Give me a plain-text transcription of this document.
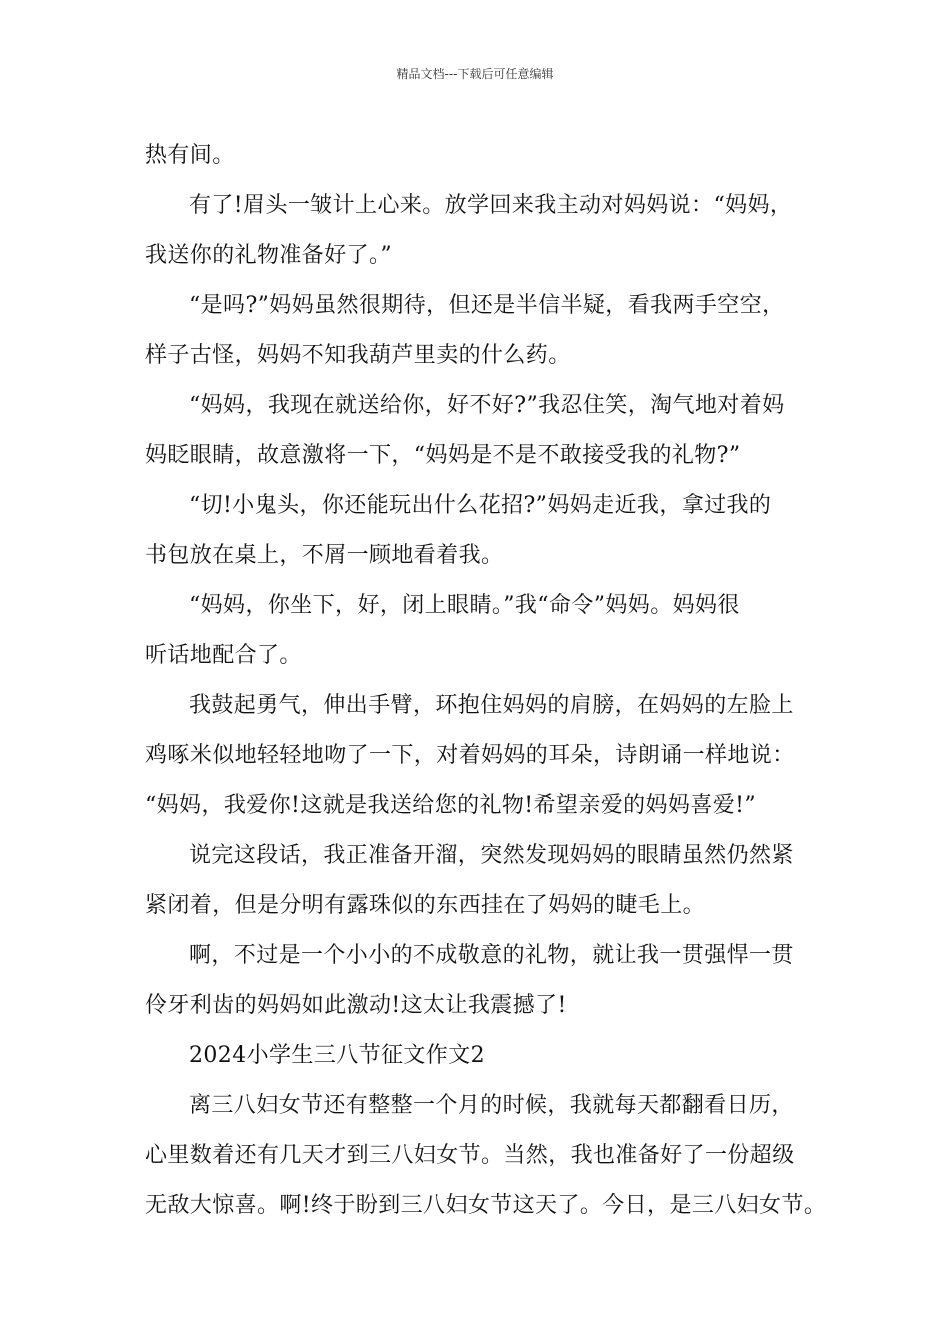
精品文档---下载后可任意编辑
热有间。
有了!眉头一皱计上心来。放学回来我主动对妈妈说：“妈妈，
我送你的礼物准备好了。”
“是吗?”妈妈虽然很期待，但还是半信半疑，看我两手空空，
样子古怪，妈妈不知我葫芦里卖的什么药。
“妈妈，我现在就送给你，好不好?”我忍住笑，淘气地对着妈
妈眨眼睛，故意激将一下，“妈妈是不是不敢接受我的礼物?”
“切!小鬼头，你还能玩出什么花招?”妈妈走近我，拿过我的
书包放在桌上，不屑一顾地看着我。
“妈妈，你坐下，好，闭上眼睛。”我“命令”妈妈。妈妈很
听话地配合了。
我鼓起勇气，伸出手臂，环抱住妈妈的肩膀，在妈妈的左脸上
鸡啄米似地轻轻地吻了一下，对着妈妈的耳朵，诗朗诵一样地说：
“妈妈，我爱你!这就是我送给您的礼物!希望亲爱的妈妈喜爱!”
说完这段话，我正准备开溜，突然发现妈妈的眼睛虽然仍然紧
紧闭着，但是分明有露珠似的东西挂在了妈妈的睫毛上。
啊，不过是一个小小的不成敬意的礼物，就让我一贯强悍一贯
伶牙利齿的妈妈如此激动!这太让我震撼了!
2024小学生三八节征文作文2
离三八妇女节还有整整一个月的时候，我就每天都翻看日历，
心里数着还有几天才到三八妇女节。当然，我也准备好了一份超级
无敌大惊喜。啊!终于盼到三八妇女节这天了。今日，是三八妇女节。
